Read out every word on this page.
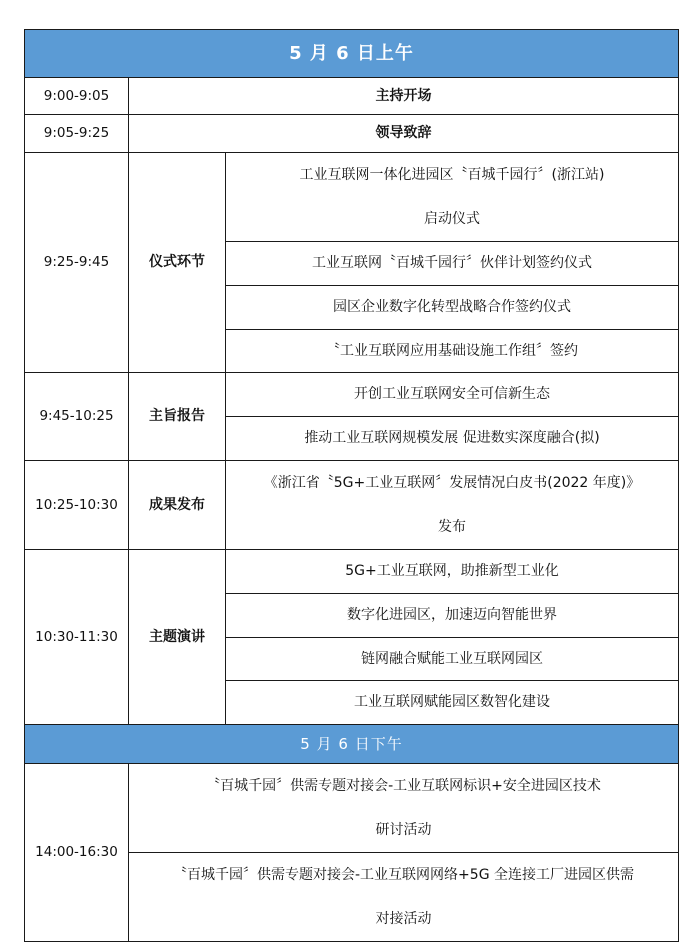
5 月 6 日上午		
9:00-9:05	主持开场	
9:05-9:25	领导致辞	
9:25-9:45	仪式环节	工业互联网一体化进园区〝百城千园行〞(浙江站)
启动仪式

		工业互联网〝百城千园行〞伙伴计划签约仪式
		园区企业数字化转型战略合作签约仪式
		〝工业互联网应用基础设施工作组〞签约
9:45-10:25	主旨报告	开创工业互联网安全可信新生态
		推动工业互联网规模发展 促进数实深度融合(拟)
10:25-10:30	成果发布	《浙江省〝5G+工业互联网〞发展情况白皮书(2022 年度)》
发布

10:30-11:30	主题演讲	5G+工业互联网，助推新型工业化
		数字化进园区，加速迈向智能世界
		链网融合赋能工业互联网园区
		工业互联网赋能园区数智化建设
5 月 6 日下午		
14:00-16:30	〝百城千园〞供需专题对接会-工业互联网标识+安全进园区技术
研讨活动	

	〝百城千园〞供需专题对接会-工业互联网网络+5G 全连接工厂进园区供需
对接活动	
